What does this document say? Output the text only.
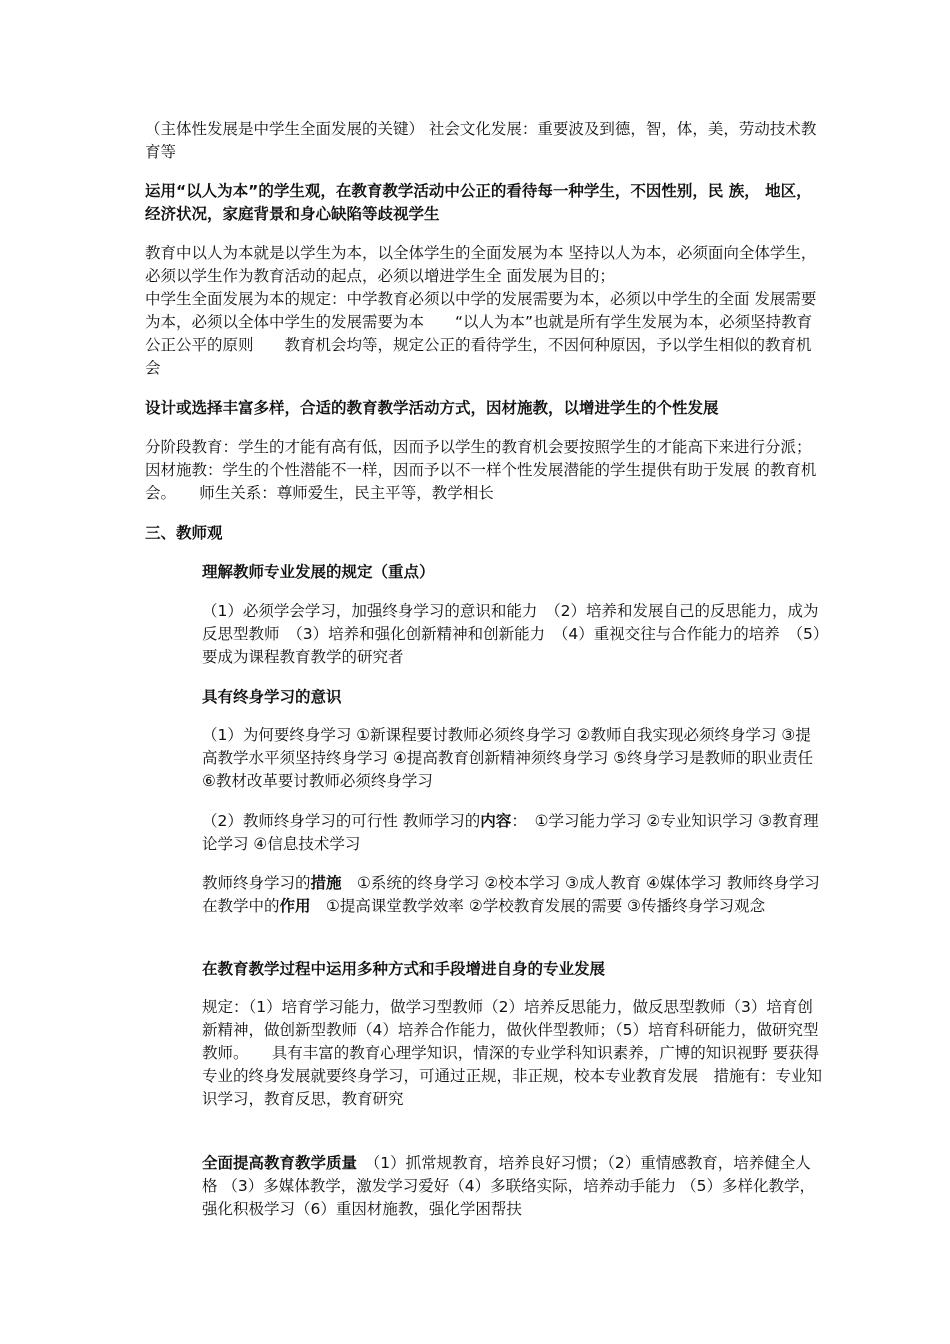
（主体性发展是中学生全面发展的关键） 社会文化发展：重要波及到德，智，体，美，劳动技术教育等

运用“以人为本”的学生观，在教育教学活动中公正的看待每一种学生，不因性别，民 族， 地区，经济状况，家庭背景和身心缺陷等歧视学生

教育中以人为本就是以学生为本，以全体学生的全面发展为本 坚持以人为本，必须面向全体学生，必须以学生作为教育活动的起点，必须以增进学生全 面发展为目的；

中学生全面发展为本的规定：中学教育必须以中学的发展需要为本，必须以中学生的全面 发展需要为本，必须以全体中学生的发展需要为本　　“以人为本”也就是所有学生发展为本，必须坚持教育公正公平的原则　　教育机会均等，规定公正的看待学生，不因何种原因，予以学生相似的教育机会

设计或选择丰富多样，合适的教育教学活动方式，因材施教，以增进学生的个性发展

分阶段教育：学生的才能有高有低，因而予以学生的教育机会要按照学生的才能高下来进行分派；　　因材施教：学生的个性潜能不一样，因而予以不一样个性发展潜能的学生提供有助于发展 的教育机会。　　师生关系：尊师爱生，民主平等，教学相长

三、教师观

理解教师专业发展的规定（重点）

（1）必须学会学习，加强终身学习的意识和能力　（2）培养和发展自己的反思能力，成为反思型教师　（3）培养和强化创新精神和创新能力　（4）重视交往与合作能力的培养　（5）要成为课程教育教学的研究者

具有终身学习的意识

（1）为何要终身学习 ①新课程要讨教师必须终身学习 ②教师自我实现必须终身学习 ③提高教学水平须坚持终身学习 ④提高教育创新精神须终身学习 ⑤终身学习是教师的职业责任 ⑥教材改革要讨教师必须终身学习

（2）教师终身学习的可行性 教师学习的内容：　①学习能力学习 ②专业知识学习 ③教育理论学习 ④信息技术学习

教师终身学习的措施　①系统的终身学习 ②校本学习 ③成人教育 ④媒体学习 教师终身学习在教学中的作用　①提高课堂教学效率 ②学校教育发展的需要 ③传播终身学习观念

在教育教学过程中运用多种方式和手段增进自身的专业发展

规定：（1）培育学习能力，做学习型教师（2）培养反思能力，做反思型教师（3）培育创新精神，做创新型教师（4）培养合作能力，做伙伴型教师；（5）培育科研能力，做研究型教师。　　具有丰富的教育心理学知识，情深的专业学科知识素养，广博的知识视野 要获得专业的终身发展就要终身学习，可通过正规，非正规，校本专业教育发展　措施有：专业知识学习，教育反思，教育研究

全面提高教育教学质量　（1）抓常规教育，培养良好习惯；（2）重情感教育，培养健全人格 （3）多媒体教学，激发学习爱好（4）多联络实际，培养动手能力 （5）多样化教学，强化积极学习（6）重因材施教，强化学困帮扶
